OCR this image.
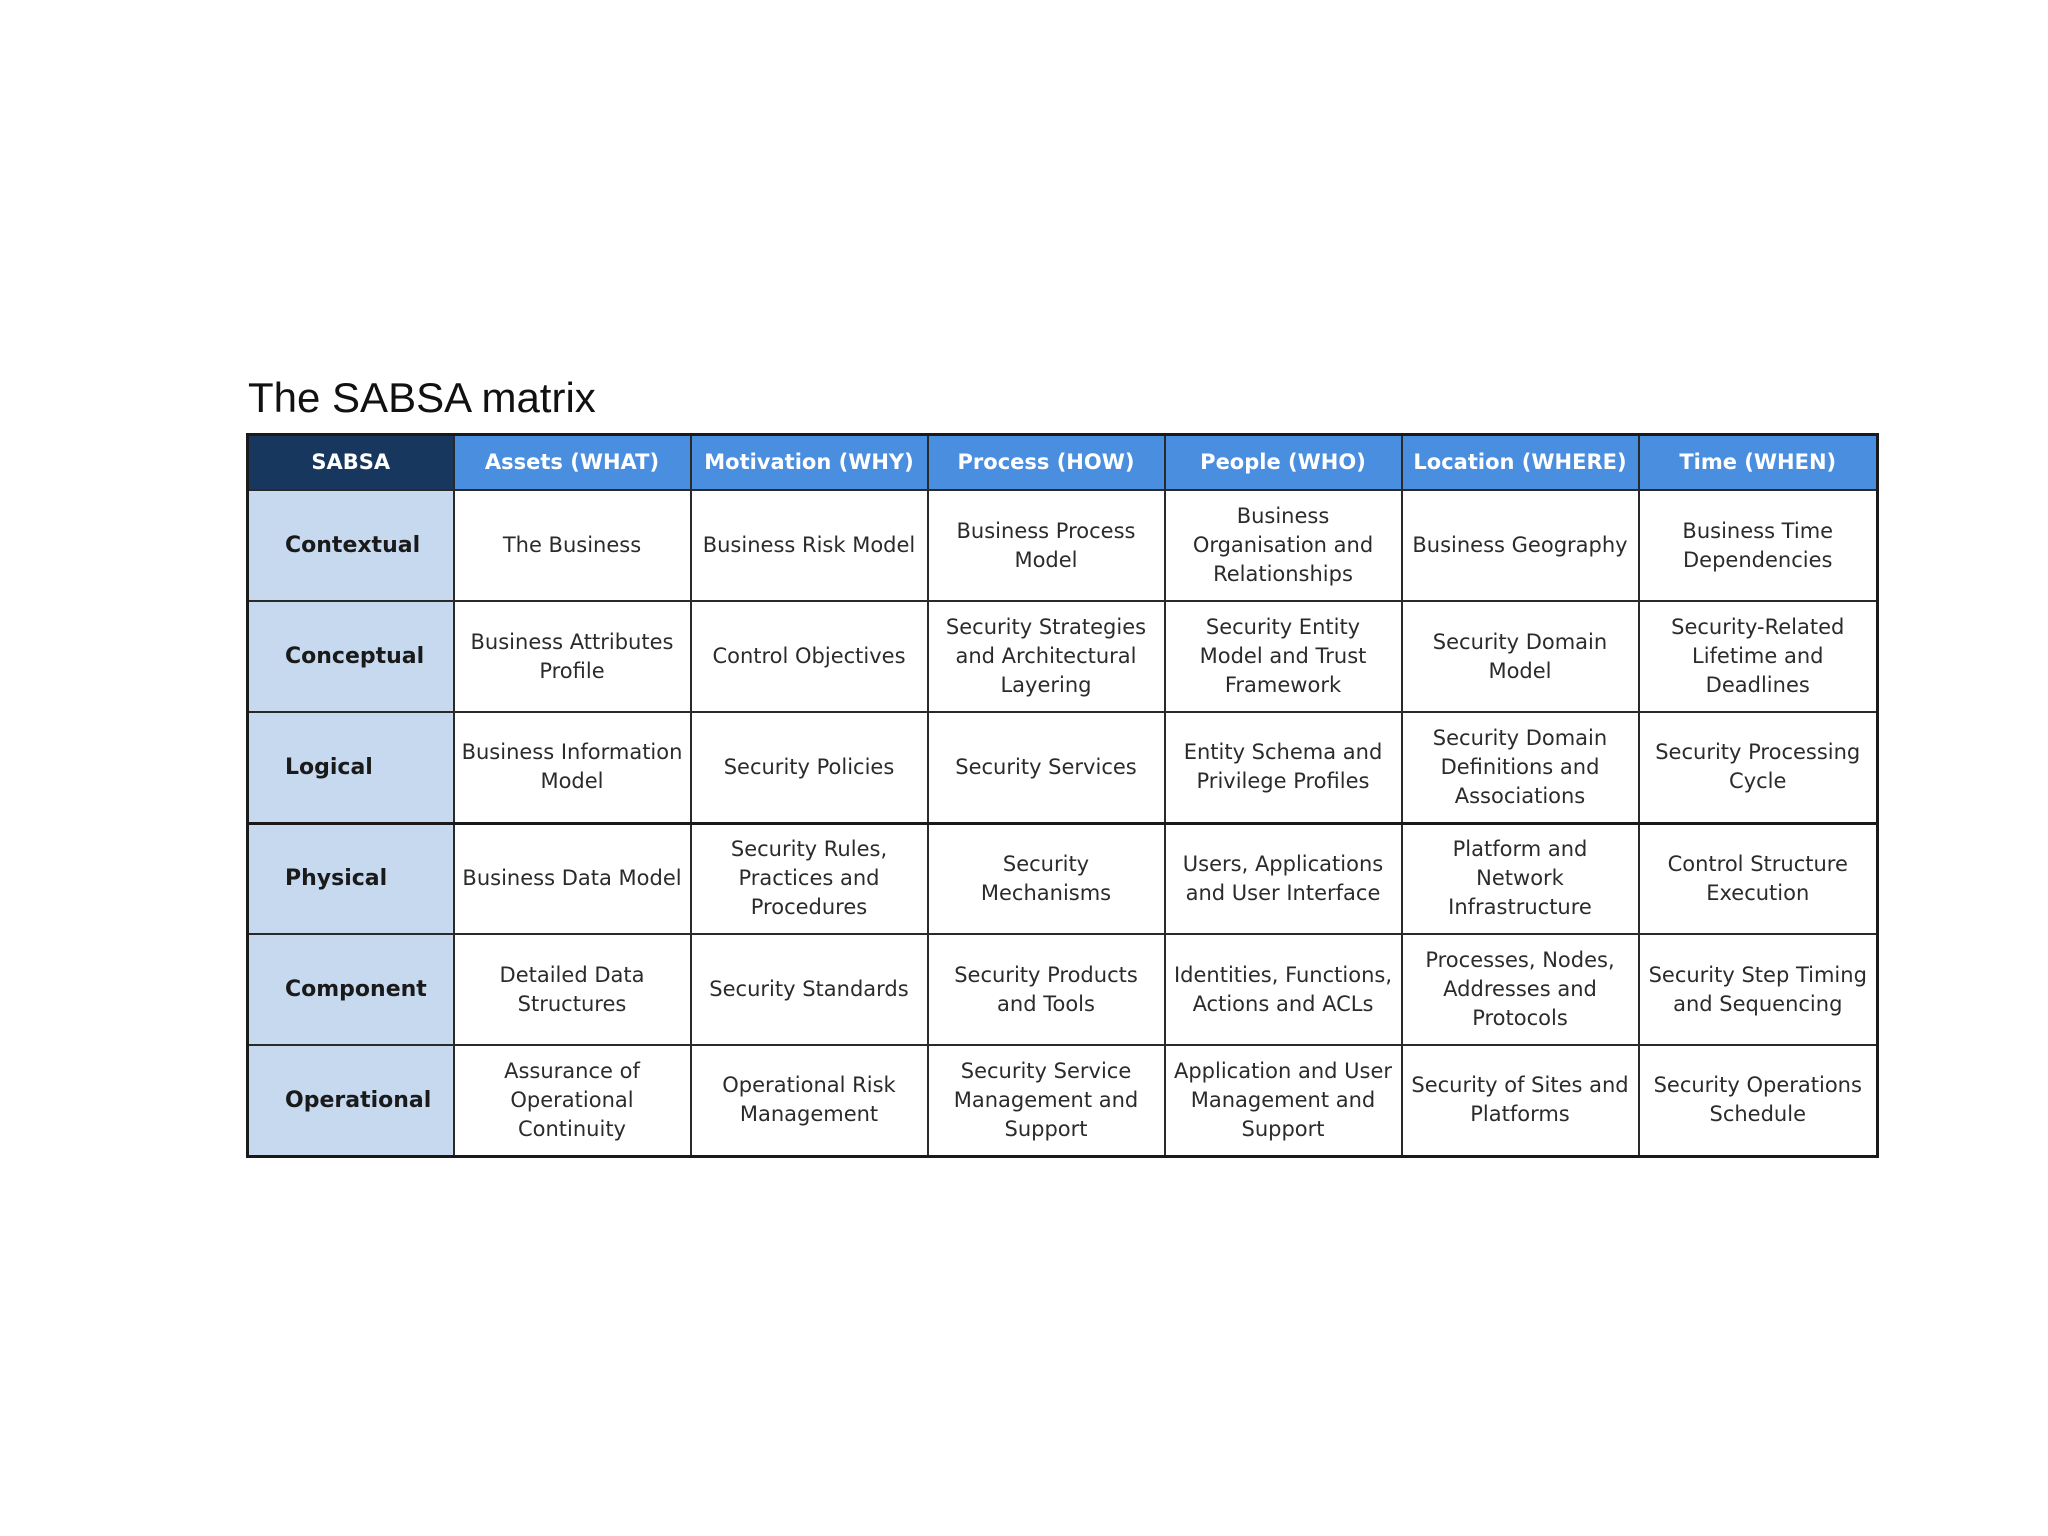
The SABSA matrix
SABSA	Assets (WHAT)	Motivation (WHY)	Process (HOW)	People (WHO)	Location (WHERE)	Time (WHEN)
Contextual	The Business	Business Risk Model	Business Process Model	Business Organisation and Relationships	Business Geography	Business Time Dependencies
Conceptual	Business Attributes Profile	Control Objectives	Security Strategies and Architectural Layering	Security Entity Model and Trust Framework	Security Domain Model	Security-Related Lifetime and Deadlines
Logical	Business Information Model	Security Policies	Security Services	Entity Schema and Privilege Profiles	Security Domain Definitions and Associations	Security Processing Cycle
Physical	Business Data Model	Security Rules, Practices and Procedures	Security Mechanisms	Users, Applications and User Interface	Platform and Network Infrastructure	Control Structure Execution
Component	Detailed Data Structures	Security Standards	Security Products and Tools	Identities, Functions, Actions and ACLs	Processes, Nodes, Addresses and Protocols	Security Step Timing and Sequencing
Operational	Assurance of Operational Continuity	Operational Risk Management	Security Service Management and Support	Application and User Management and Support	Security of Sites and Platforms	Security Operations Schedule
